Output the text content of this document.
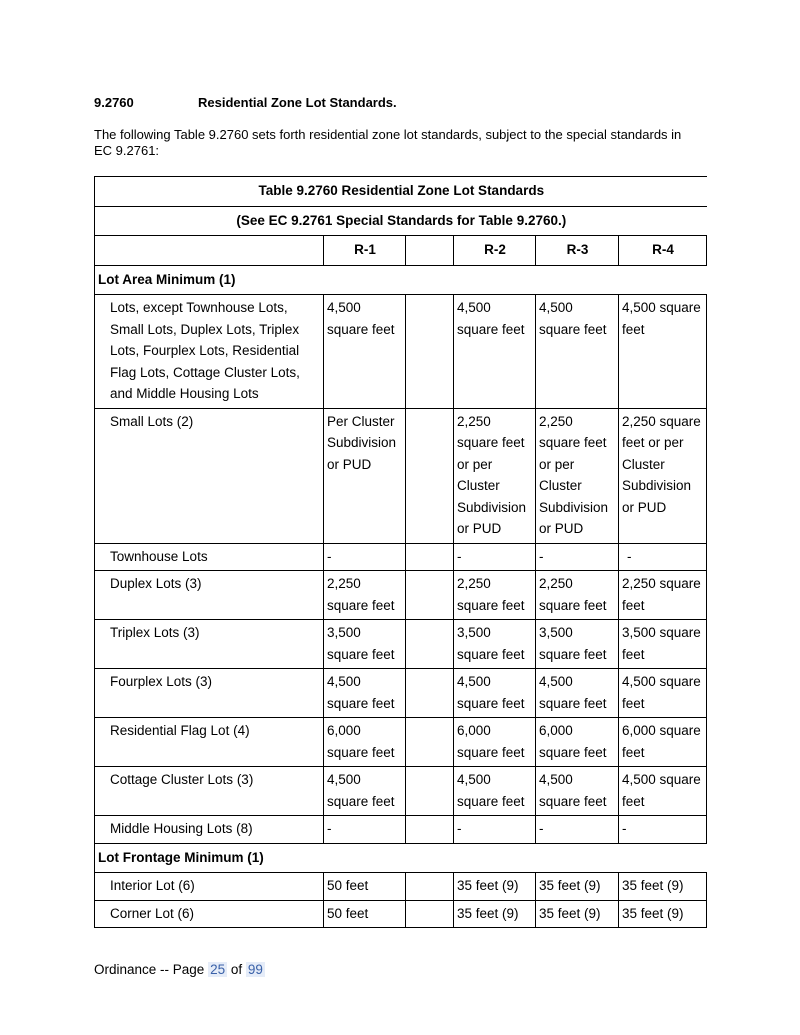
9.2760	Residential Zone Lot Standards.
The following Table 9.2760 sets forth residential zone lot standards, subject to the special standards in EC 9.2761:
Table 9.2760 Residential Zone Lot Standards					
(See EC 9.2761 Special Standards for Table 9.2760.)					
	R-1		R-2	R-3	R-4
Lot Area Minimum (1)					
Lots, except Townhouse Lots, Small Lots, Duplex Lots, Triplex Lots, Fourplex Lots, Residential Flag Lots, Cottage Cluster Lots, and Middle Housing Lots	4,500 square feet		4,500 square feet	4,500 square feet	4,500 square feet
Small Lots (2)	Per Cluster Subdivision or PUD		2,250 square feet or per Cluster Subdivision or PUD	2,250 square feet or per Cluster Subdivision or PUD	2,250 square feet or per Cluster Subdivision or PUD
Townhouse Lots	-		-	-	-
Duplex Lots (3)	2,250 square feet		2,250 square feet	2,250 square feet	2,250 square feet
Triplex Lots (3)	3,500 square feet		3,500 square feet	3,500 square feet	3,500 square feet
Fourplex Lots (3)	4,500 square feet		4,500 square feet	4,500 square feet	4,500 square feet
Residential Flag Lot (4)	6,000 square feet		6,000 square feet	6,000 square feet	6,000 square feet
Cottage Cluster Lots (3)	4,500 square feet		4,500 square feet	4,500 square feet	4,500 square feet
Middle Housing Lots (8)	-		-	-	-
Lot Frontage Minimum (1)					
Interior Lot (6)	50 feet		35 feet (9)	35 feet (9)	35 feet (9)
Corner Lot (6)	50 feet		35 feet (9)	35 feet (9)	35 feet (9)
Ordinance -- Page 25 of 99
